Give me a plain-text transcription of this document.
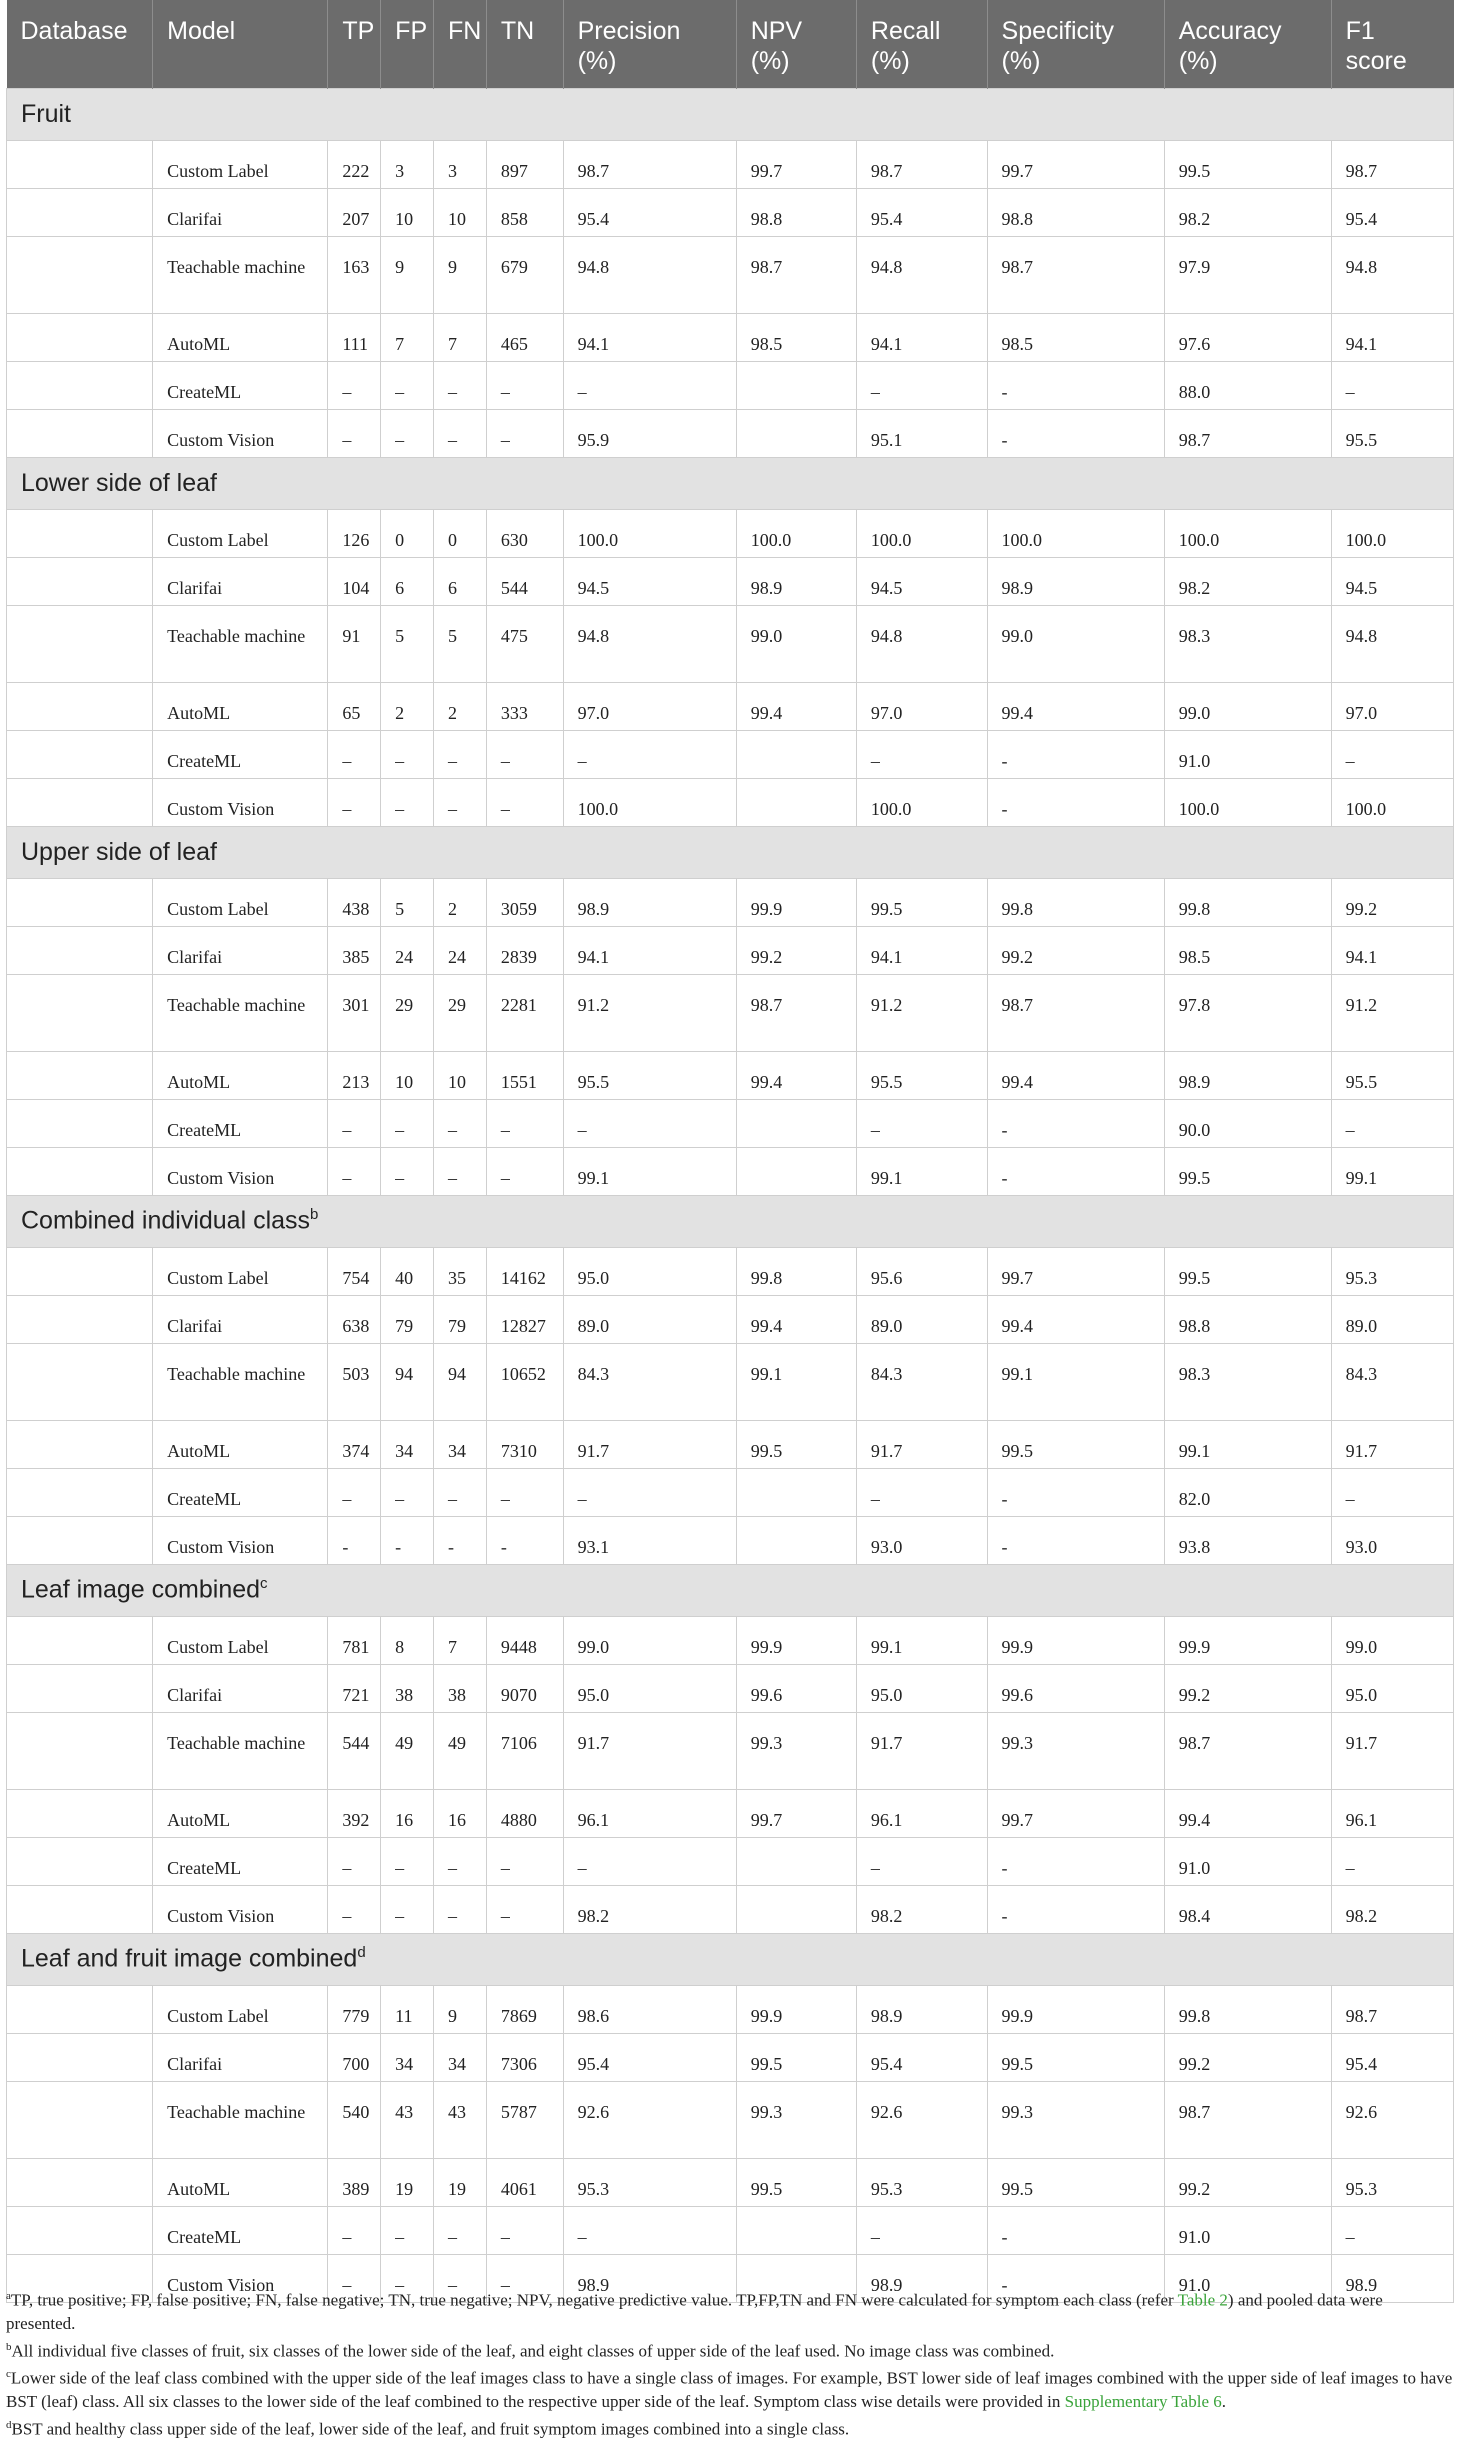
Database	Model	TP	FP	FN	TN	Precision (%)	NPV (%)	Recall (%)	Specificity (%)	Accuracy (%)	F1 score
Fruit											
	Custom Label	222	3	3	897	98.7	99.7	98.7	99.7	99.5	98.7
	Clarifai	207	10	10	858	95.4	98.8	95.4	98.8	98.2	95.4
	Teachable machine	163	9	9	679	94.8	98.7	94.8	98.7	97.9	94.8
	AutoML	111	7	7	465	94.1	98.5	94.1	98.5	97.6	94.1
	CreateML	–	–	–	–	–		–	-	88.0	–
	Custom Vision	–	–	–	–	95.9		95.1	-	98.7	95.5
Lower side of leaf											
	Custom Label	126	0	0	630	100.0	100.0	100.0	100.0	100.0	100.0
	Clarifai	104	6	6	544	94.5	98.9	94.5	98.9	98.2	94.5
	Teachable machine	91	5	5	475	94.8	99.0	94.8	99.0	98.3	94.8
	AutoML	65	2	2	333	97.0	99.4	97.0	99.4	99.0	97.0
	CreateML	–	–	–	–	–		–	-	91.0	–
	Custom Vision	–	–	–	–	100.0		100.0	-	100.0	100.0
Upper side of leaf											
	Custom Label	438	5	2	3059	98.9	99.9	99.5	99.8	99.8	99.2
	Clarifai	385	24	24	2839	94.1	99.2	94.1	99.2	98.5	94.1
	Teachable machine	301	29	29	2281	91.2	98.7	91.2	98.7	97.8	91.2
	AutoML	213	10	10	1551	95.5	99.4	95.5	99.4	98.9	95.5
	CreateML	–	–	–	–	–		–	-	90.0	–
	Custom Vision	–	–	–	–	99.1		99.1	-	99.5	99.1
Combined individual class$^b$
	Custom Label	754	40	35	14162	95.0	99.8	95.6	99.7	99.5	95.3
	Clarifai	638	79	79	12827	89.0	99.4	89.0	99.4	98.8	89.0
	Teachable machine	503	94	94	10652	84.3	99.1	84.3	99.1	98.3	84.3
	AutoML	374	34	34	7310	91.7	99.5	91.7	99.5	99.1	91.7
	CreateML	–	–	–	–	–		–	-	82.0	–
	Custom Vision	-	-	-	-	93.1		93.0	-	93.8	93.0
Leaf image combined$^c$
	Custom Label	781	8	7	9448	99.0	99.9	99.1	99.9	99.9	99.0
	Clarifai	721	38	38	9070	95.0	99.6	95.0	99.6	99.2	95.0
	Teachable machine	544	49	49	7106	91.7	99.3	91.7	99.3	98.7	91.7
	AutoML	392	16	16	4880	96.1	99.7	96.1	99.7	99.4	96.1
	CreateML	–	–	–	–	–		–	-	91.0	–
	Custom Vision	–	–	–	–	98.2		98.2	-	98.4	98.2
Leaf and fruit image combined$^d$
	Custom Label	779	11	9	7869	98.6	99.9	98.9	99.9	99.8	98.7
	Clarifai	700	34	34	7306	95.4	99.5	95.4	99.5	99.2	95.4
	Teachable machine	540	43	43	5787	92.6	99.3	92.6	99.3	98.7	92.6
	AutoML	389	19	19	4061	95.3	99.5	95.3	99.5	99.2	95.3
	CreateML	–	–	–	–	–		–	-	91.0	–
	Custom Vision	–	–	–	–	98.9		98.9	-	91.0	98.9

$^a$TP, true positive; FP, false positive; FN, false negative; TN, true negative; NPV, negative predictive value. TP,FP,TN and FN were calculated for symptom each class (refer Table 2) and pooled data were presented.

$^b$All individual five classes of fruit, six classes of the lower side of the leaf, and eight classes of upper side of the leaf used. No image class was combined.

$^c$Lower side of the leaf class combined with the upper side of the leaf images class to have a single class of images. For example, BST lower side of leaf images combined with the upper side of leaf images to have BST (leaf) class. All six classes to the lower side of the leaf combined to the respective upper side of the leaf. Symptom class wise details were provided in Supplementary Table 6.

$^d$BST and healthy class upper side of the leaf, lower side of the leaf, and fruit symptom images combined into a single class.
